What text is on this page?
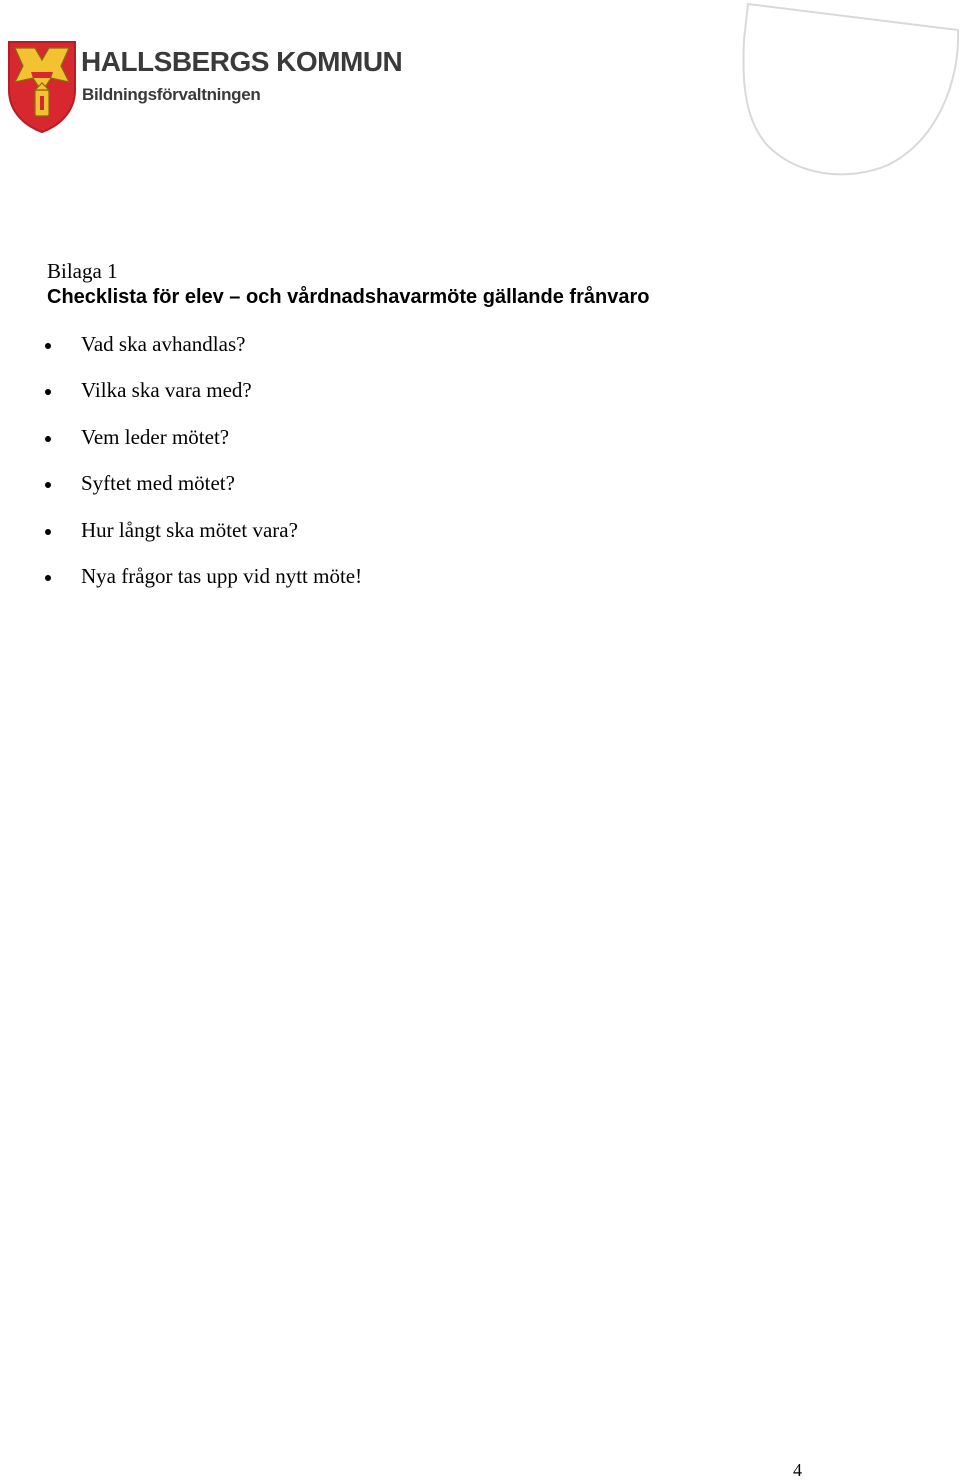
HALLSBERGS KOMMUN
Bildningsförvaltningen
Bilaga 1
Checklista för elev – och vårdnadshavarmöte gällande frånvaro
Vad ska avhandlas?
Vilka ska vara med?
Vem leder mötet?
Syftet med mötet?
Hur långt ska mötet vara?
Nya frågor tas upp vid nytt möte!
4
